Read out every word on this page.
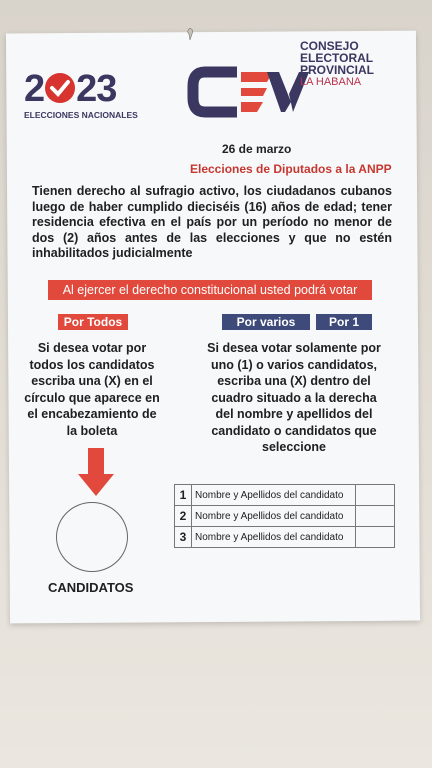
2 23
ELECCIONES NACIONALES
CONSEJO
ELECTORAL
PROVINCIAL
LA HABANA
26 de marzo
Elecciones de Diputados a la ANPP
Tienen derecho al sufragio activo, los ciudadanos cubanos luego de haber cumplido dieciséis (16) años de edad; tener residencia efectiva en el país por un período no menor de dos (2) años antes de las elecciones y que no estén inhabilitados judicialmente
Al ejercer el derecho constitucional usted podrá votar
Por Todos	Por varios	Por 1
Si desea votar por todos los candidatos escriba una (X) en el círculo que aparece en el encabezamiento de la boleta
Si desea votar solamente por uno (1) o varios candidatos, escriba una (X) dentro del cuadro situado a la derecha del nombre y apellidos del candidato o candidatos que seleccione
CANDIDATOS
1	Nombre y Apellidos del candidato	
2	Nombre y Apellidos del candidato	
3	Nombre y Apellidos del candidato	
